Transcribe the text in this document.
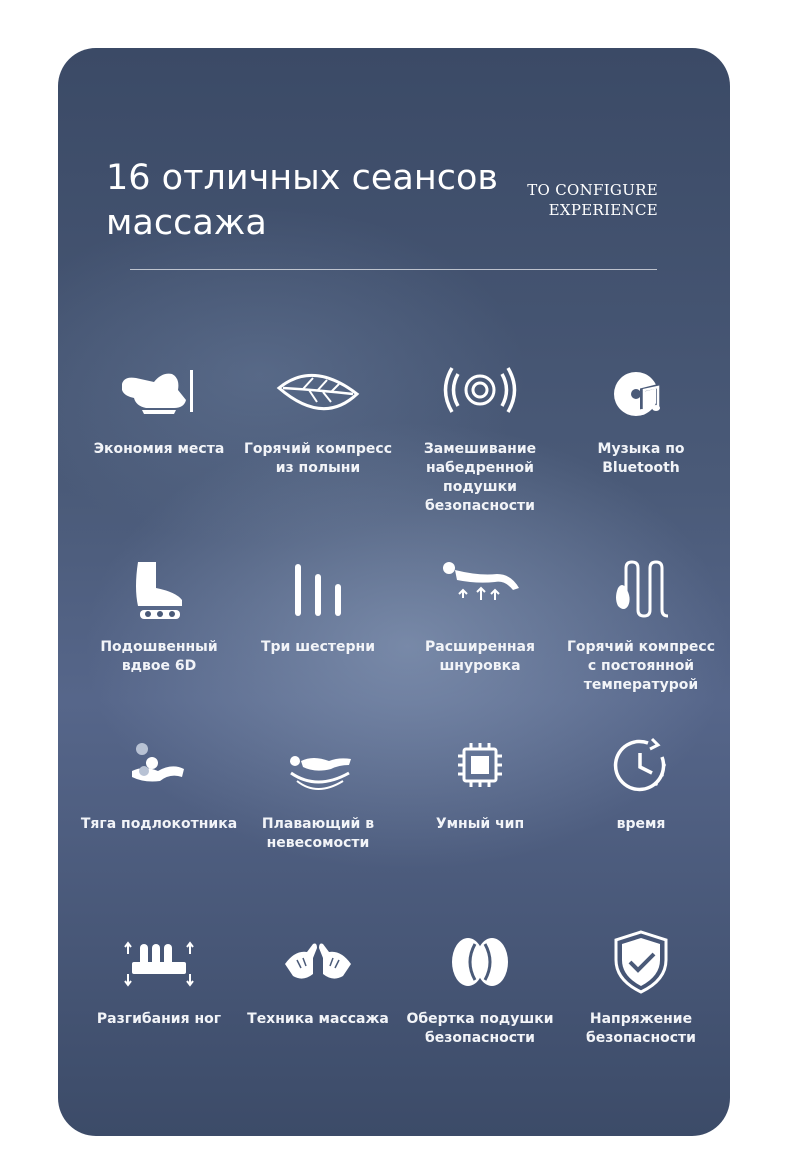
16 отличных сеансов массажа
TO CONFIGURE
EXPERIENCE
Экономия места	Горячий компресс из полыни
Замешивание набедренной подушки безопасности
Музыка по Bluetooth
Подошвенный вдвое 6D
Три шестерни	Расширенная шнуровка
Горячий компресс с постоянной температурой
Тяга подлокотника	Плавающий в невесомости
Умный чип	время
Разгибания ног	Техника массажа	Обертка подушки безопасности
Напряжение безопасности
